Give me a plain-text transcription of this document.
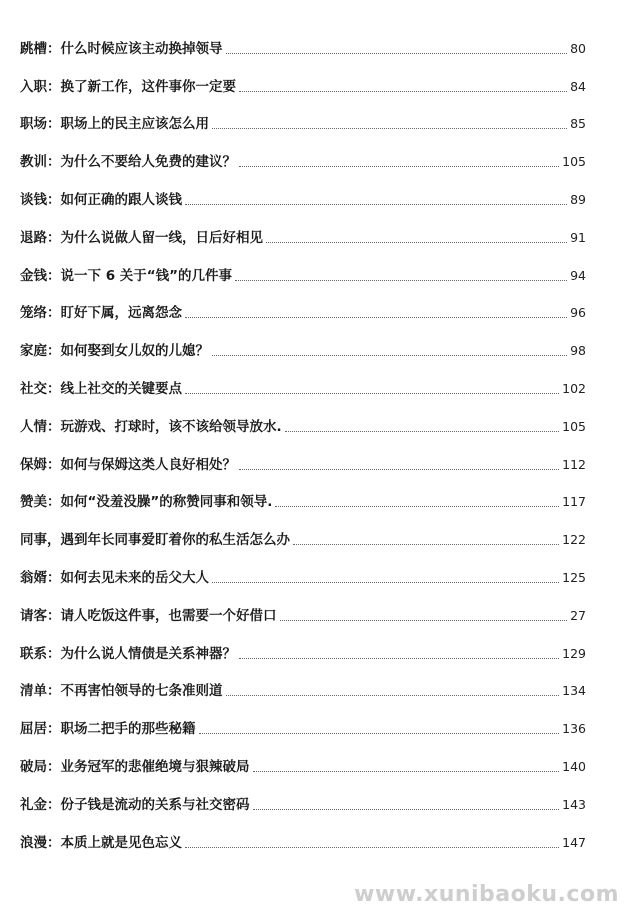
跳槽：什么时候应该主动换掉领导	80
入职：换了新工作，这件事你一定要	84
职场：职场上的民主应该怎么用	85
教训：为什么不要给人免费的建议？	105
谈钱：如何正确的跟人谈钱	89
退路：为什么说做人留一线，日后好相见	91
金钱：说一下 6 关于“钱”的几件事	94
笼络：盯好下属，远离怨念	96
家庭：如何娶到女儿奴的儿媳？	98
社交：线上社交的关键要点	102
人情：玩游戏、打球时，该不该给领导放水.	105
保姆：如何与保姆这类人良好相处？	112
赞美：如何“没羞没臊”的称赞同事和领导.	117
同事，遇到年长同事爱盯着你的私生活怎么办	122
翁婿：如何去见未来的岳父大人	125
请客：请人吃饭这件事，也需要一个好借口	27
联系：为什么说人情债是关系神器？	129
清单：不再害怕领导的七条准则道	134
屈居：职场二把手的那些秘籍	136
破局：业务冠军的悲催绝境与狠辣破局	140
礼金：份子钱是流动的关系与社交密码	143
浪漫：本质上就是见色忘义	147
www.xunibaoku.com
